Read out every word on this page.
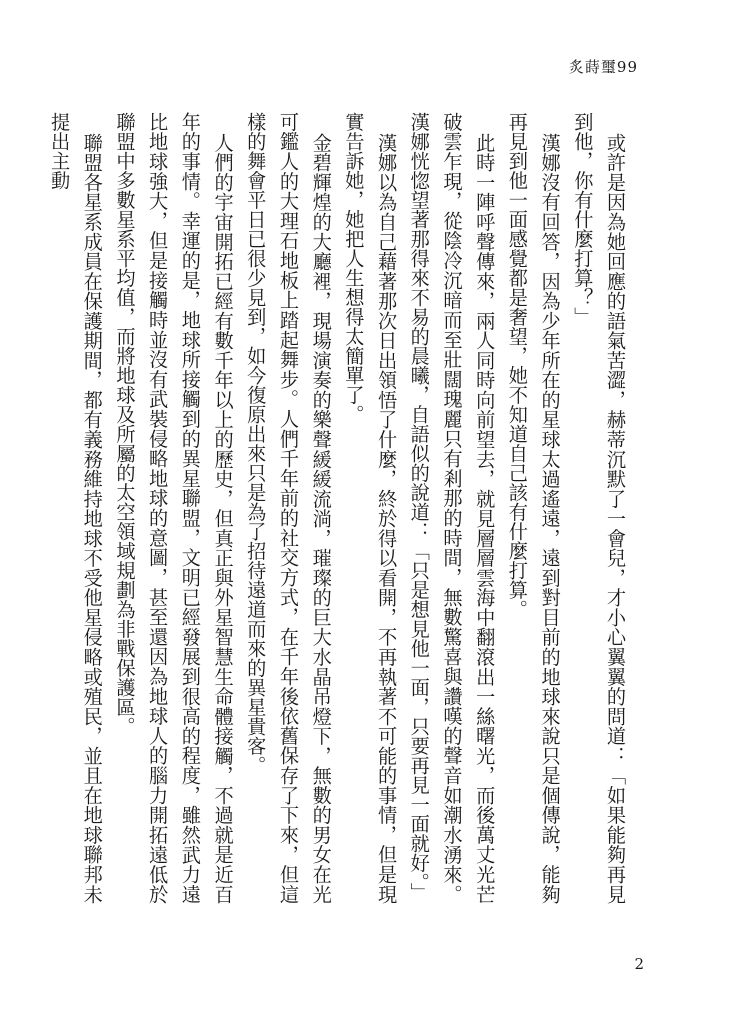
炙蒔璽99

或許是因為她回應的語氣苦澀，赫蒂沉默了一會兒，才小心翼翼的問道：「如果能夠再見到他，你有什麼打算？」

漢娜沒有回答，因為少年所在的星球太過遙遠，遠到對目前的地球來說只是個傳說，能夠再見到他一面感覺都是奢望，她不知道自己該有什麼打算。

此時一陣呼聲傳來，兩人同時向前望去，就見層層雲海中翻滾出一絲曙光，而後萬丈光芒破雲乍現，從陰冷沉暗而至壯闊瑰麗只有剎那的時間，無數驚喜與讚嘆的聲音如潮水湧來。漢娜恍惚望著那得來不易的晨曦，自語似的說道：「只是想見他一面，只要再見一面就好。」

漢娜以為自己藉著那次日出領悟了什麼，終於得以看開，不再執著不可能的事情，但是現實告訴她，她把人生想得太簡單了。

金碧輝煌的大廳裡，現場演奏的樂聲緩緩流淌，璀璨的巨大水晶吊燈下，無數的男女在光可鑑人的大理石地板上踏起舞步。人們千年前的社交方式，在千年後依舊保存了下來，但這樣的舞會平日已很少見到，如今復原出來只是為了招待遠道而來的異星貴客。

人們的宇宙開拓已經有數千年以上的歷史，但真正與外星智慧生命體接觸，不過就是近百年的事情。幸運的是，地球所接觸到的異星聯盟，文明已經發展到很高的程度，雖然武力遠比地球強大，但是接觸時並沒有武裝侵略地球的意圖，甚至還因為地球人的腦力開拓遠低於聯盟中多數星系平均值，而將地球及所屬的太空領域規劃為非戰保護區。

聯盟各星系成員在保護期間，都有義務維持地球不受他星侵略或殖民，並且在地球聯邦未提出主動

2
